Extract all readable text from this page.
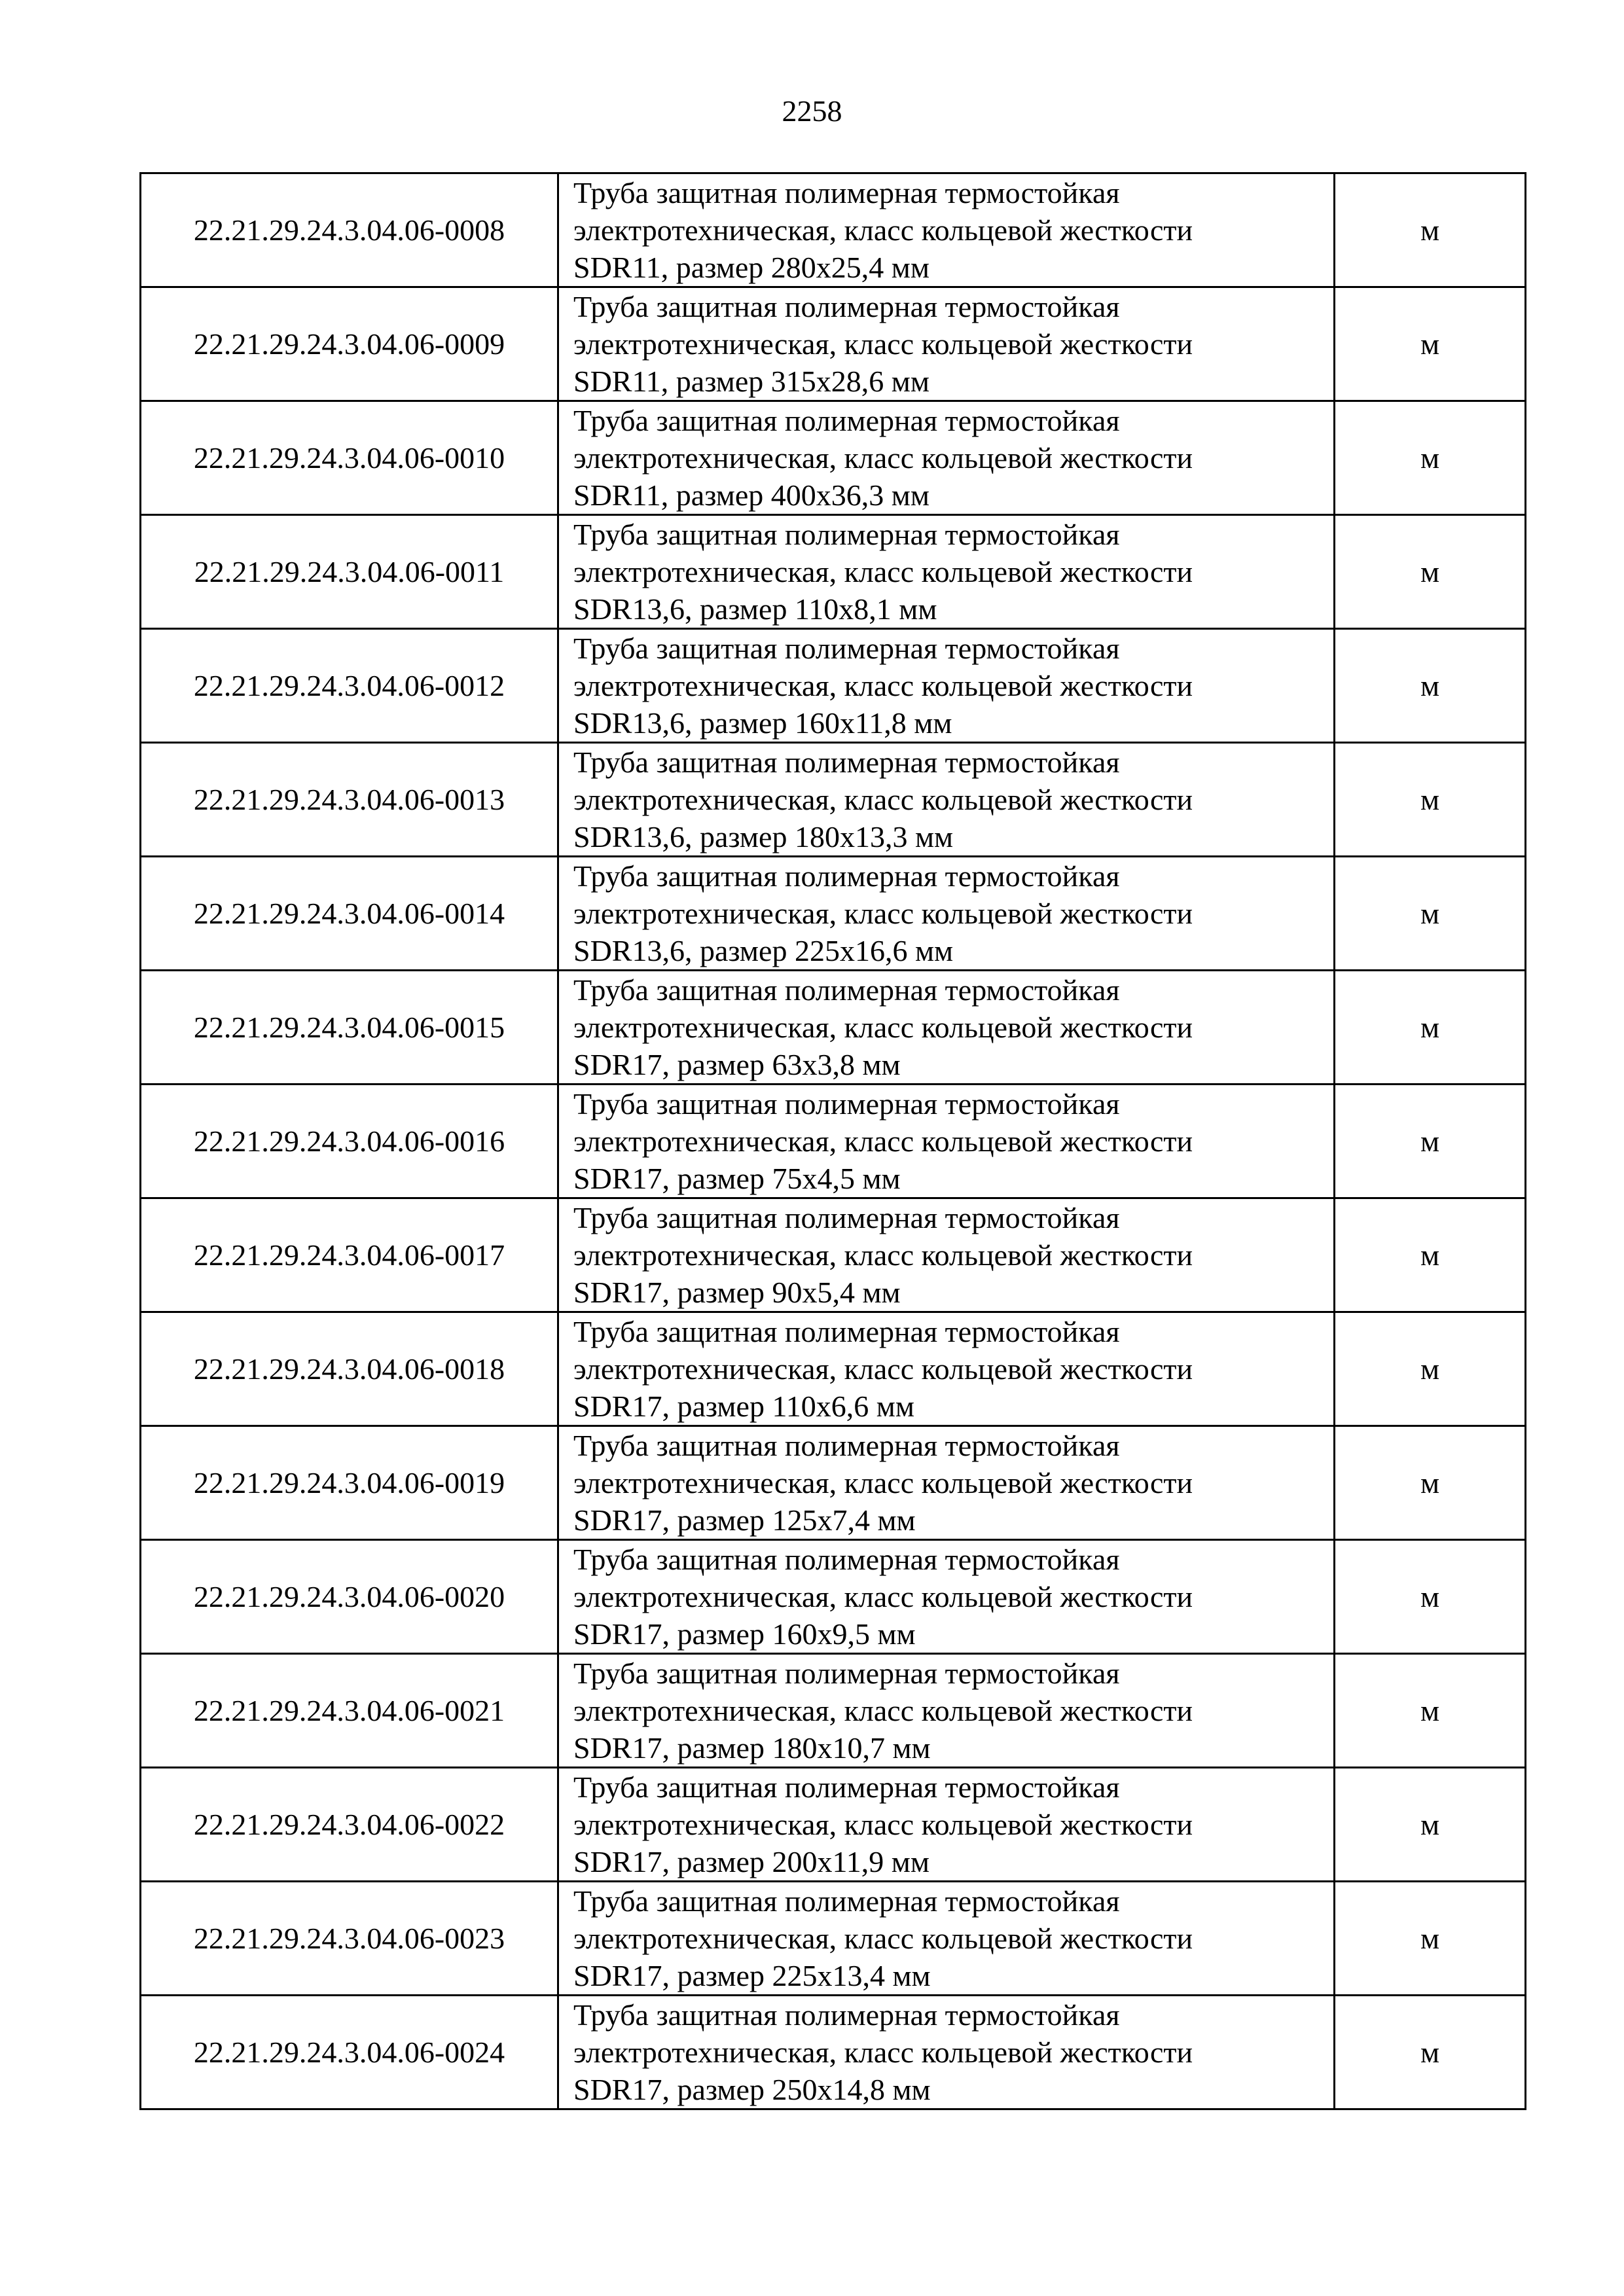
2258
22.21.29.24.3.04.06-0008	Труба защитная полимерная термостойкая
электротехническая, класс кольцевой жесткости
SDR11, размер 280х25,4 мм	м
22.21.29.24.3.04.06-0009	Труба защитная полимерная термостойкая
электротехническая, класс кольцевой жесткости
SDR11, размер 315х28,6 мм	м
22.21.29.24.3.04.06-0010	Труба защитная полимерная термостойкая
электротехническая, класс кольцевой жесткости
SDR11, размер 400х36,3 мм	м
22.21.29.24.3.04.06-0011	Труба защитная полимерная термостойкая
электротехническая, класс кольцевой жесткости
SDR13,6, размер 110х8,1 мм	м
22.21.29.24.3.04.06-0012	Труба защитная полимерная термостойкая
электротехническая, класс кольцевой жесткости
SDR13,6, размер 160х11,8 мм	м
22.21.29.24.3.04.06-0013	Труба защитная полимерная термостойкая
электротехническая, класс кольцевой жесткости
SDR13,6, размер 180х13,3 мм	м
22.21.29.24.3.04.06-0014	Труба защитная полимерная термостойкая
электротехническая, класс кольцевой жесткости
SDR13,6, размер 225х16,6 мм	м
22.21.29.24.3.04.06-0015	Труба защитная полимерная термостойкая
электротехническая, класс кольцевой жесткости
SDR17, размер 63х3,8 мм	м
22.21.29.24.3.04.06-0016	Труба защитная полимерная термостойкая
электротехническая, класс кольцевой жесткости
SDR17, размер 75х4,5 мм	м
22.21.29.24.3.04.06-0017	Труба защитная полимерная термостойкая
электротехническая, класс кольцевой жесткости
SDR17, размер 90х5,4 мм	м
22.21.29.24.3.04.06-0018	Труба защитная полимерная термостойкая
электротехническая, класс кольцевой жесткости
SDR17, размер 110х6,6 мм	м
22.21.29.24.3.04.06-0019	Труба защитная полимерная термостойкая
электротехническая, класс кольцевой жесткости
SDR17, размер 125х7,4 мм	м
22.21.29.24.3.04.06-0020	Труба защитная полимерная термостойкая
электротехническая, класс кольцевой жесткости
SDR17, размер 160х9,5 мм	м
22.21.29.24.3.04.06-0021	Труба защитная полимерная термостойкая
электротехническая, класс кольцевой жесткости
SDR17, размер 180х10,7 мм	м
22.21.29.24.3.04.06-0022	Труба защитная полимерная термостойкая
электротехническая, класс кольцевой жесткости
SDR17, размер 200х11,9 мм	м
22.21.29.24.3.04.06-0023	Труба защитная полимерная термостойкая
электротехническая, класс кольцевой жесткости
SDR17, размер 225х13,4 мм	м
22.21.29.24.3.04.06-0024	Труба защитная полимерная термостойкая
электротехническая, класс кольцевой жесткости
SDR17, размер 250х14,8 мм	м
